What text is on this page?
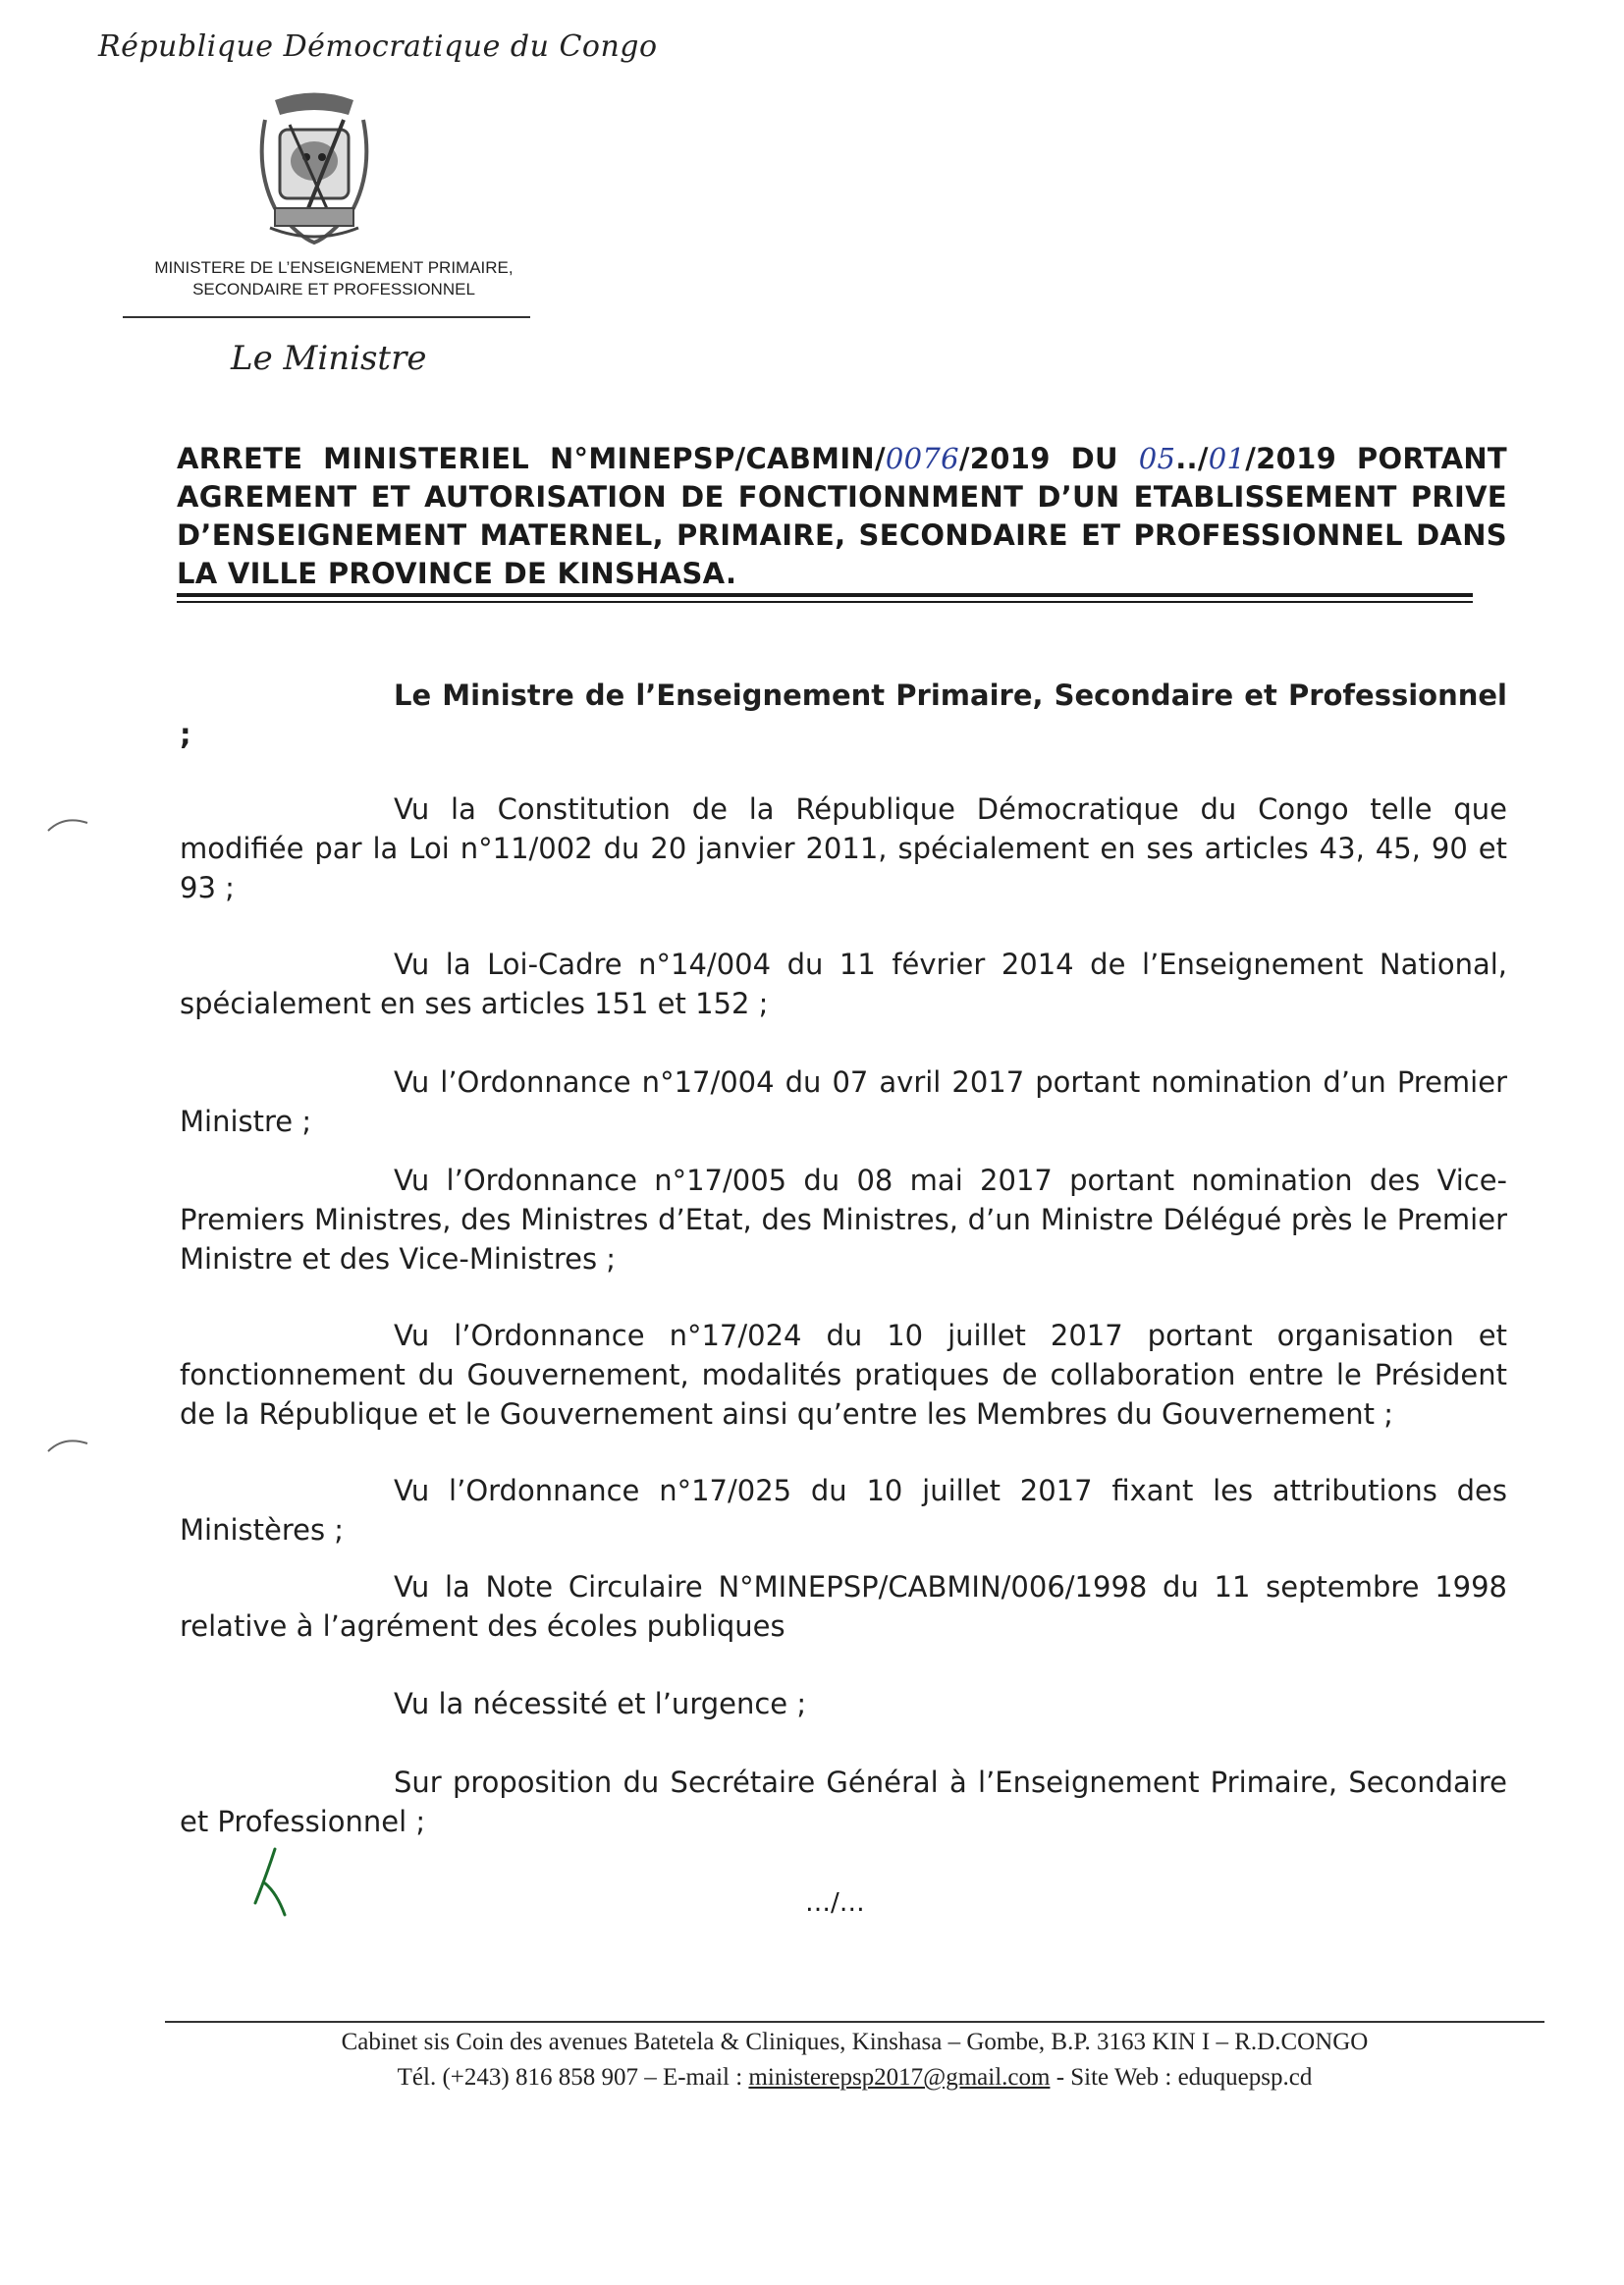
République Démocratique du Congo
MINISTERE DE L’ENSEIGNEMENT PRIMAIRE,
SECONDAIRE ET PROFESSIONNEL
Le Ministre
ARRETE MINISTERIEL N°MINEPSP/CABMIN/0076/2019 DU 05../01/2019 PORTANT AGREMENT ET AUTORISATION DE FONCTIONNMENT D’UN ETABLISSEMENT PRIVE D’ENSEIGNEMENT MATERNEL, PRIMAIRE, SECONDAIRE ET PROFESSIONNEL DANS LA VILLE PROVINCE DE KINSHASA.
Le Ministre de l’Enseignement Primaire, Secondaire et Professionnel ;
Vu la Constitution de la République Démocratique du Congo telle que modifiée par la Loi n°11/002 du 20 janvier 2011, spécialement en ses articles 43, 45, 90 et 93 ;
Vu la Loi-Cadre n°14/004 du 11 février 2014 de l’Enseignement National, spécialement en ses articles 151 et 152 ;
Vu l’Ordonnance n°17/004 du 07 avril 2017 portant nomination d’un Premier Ministre ;
Vu l’Ordonnance n°17/005 du 08 mai 2017 portant nomination des Vice-Premiers Ministres, des Ministres d’Etat, des Ministres, d’un Ministre Délégué près le Premier Ministre et des Vice-Ministres ;
Vu l’Ordonnance n°17/024 du 10 juillet 2017 portant organisation et fonctionnement du Gouvernement, modalités pratiques de collaboration entre le Président de la République et le Gouvernement ainsi qu’entre les Membres du Gouvernement ;
Vu l’Ordonnance n°17/025 du 10 juillet 2017 fixant les attributions des Ministères ;
Vu la Note Circulaire N°MINEPSP/CABMIN/006/1998 du 11 septembre 1998 relative à l’agrément des écoles publiques
Vu la nécessité et l’urgence ;
Sur proposition du Secrétaire Général à l’Enseignement Primaire, Secondaire et Professionnel ;
…/…
Cabinet sis Coin des avenues Batetela & Cliniques, Kinshasa – Gombe, B.P. 3163 KIN I – R.D.CONGO
Tél. (+243) 816 858 907 – E-mail : ministerepsp2017@gmail.com - Site Web : eduquepsp.cd
